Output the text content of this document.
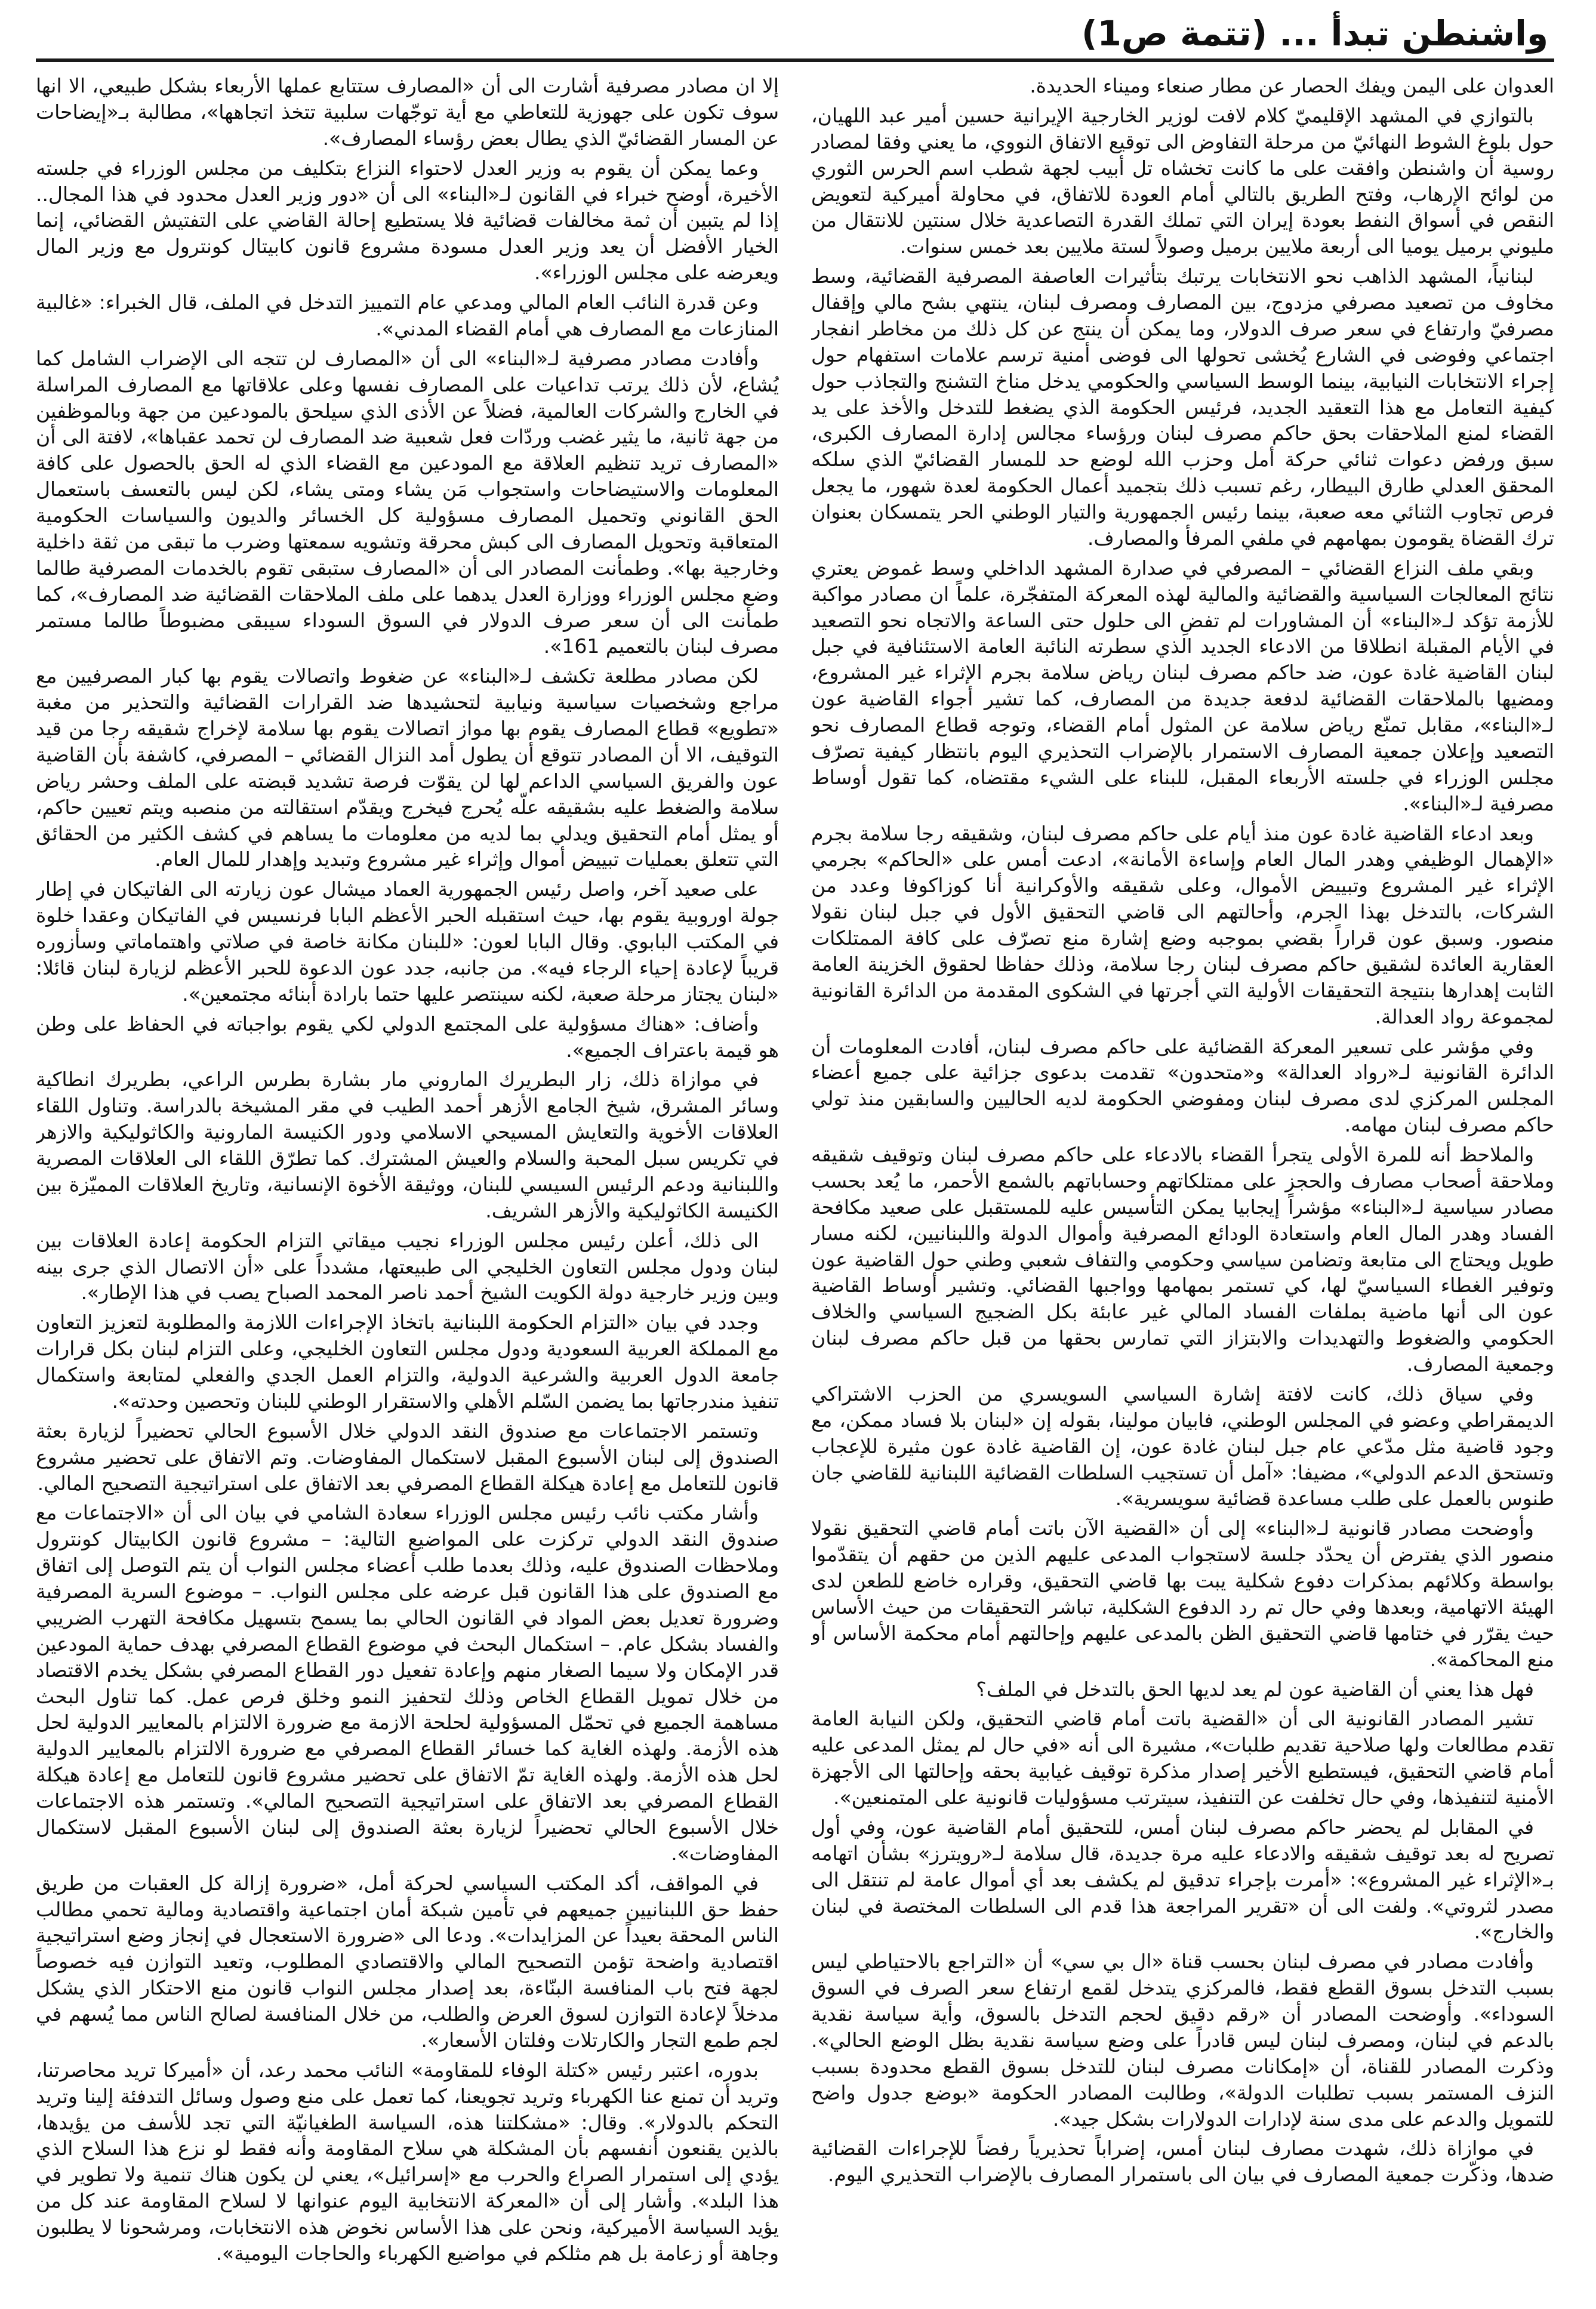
واشنطن تبدأ ... (تتمة ص1)

العدوان على اليمن ويفك الحصار عن مطار صنعاء وميناء الحديدة.

بالتوازي في المشهد الإقليميّ كلام لافت لوزير الخارجية الإيرانية حسين أمير عبد اللهيان، حول بلوغ الشوط النهائيّ من مرحلة التفاوض الى توقيع الاتفاق النووي، ما يعني وفقا لمصادر روسية أن واشنطن وافقت على ما كانت تخشاه تل أبيب لجهة شطب اسم الحرس الثوري من لوائح الإرهاب، وفتح الطريق بالتالي أمام العودة للاتفاق، في محاولة أميركية لتعويض النقص في أسواق النفط بعودة إيران التي تملك القدرة التصاعدية خلال سنتين للانتقال من مليوني برميل يوميا الى أربعة ملايين برميل وصولاً لستة ملايين بعد خمس سنوات.

لبنانياً، المشهد الذاهب نحو الانتخابات يرتبك بتأثيرات العاصفة المصرفية القضائية، وسط مخاوف من تصعيد مصرفي مزدوج، بين المصارف ومصرف لبنان، ينتهي بشح مالي وإقفال مصرفيّ وارتفاع في سعر صرف الدولار، وما يمكن أن ينتج عن كل ذلك من مخاطر انفجار اجتماعي وفوضى في الشارع يُخشى تحولها الى فوضى أمنية ترسم علامات استفهام حول إجراء الانتخابات النيابية، بينما الوسط السياسي والحكومي يدخل مناخ التشنج والتجاذب حول كيفية التعامل مع هذا التعقيد الجديد، فرئيس الحكومة الذي يضغط للتدخل والأخذ على يد القضاء لمنع الملاحقات بحق حاكم مصرف لبنان ورؤساء مجالس إدارة المصارف الكبرى، سبق ورفض دعوات ثنائي حركة أمل وحزب الله لوضع حد للمسار القضائيّ الذي سلكه المحقق العدلي طارق البيطار، رغم تسبب ذلك بتجميد أعمال الحكومة لعدة شهور، ما يجعل فرص تجاوب الثنائي معه صعبة، بينما رئيس الجمهورية والتيار الوطني الحر يتمسكان بعنوان ترك القضاة يقومون بمهامهم في ملفي المرفأ والمصارف.

وبقي ملف النزاع القضائي – المصرفي في صدارة المشهد الداخلي وسط غموض يعتري نتائج المعالجات السياسية والقضائية والمالية لهذه المعركة المتفجّرة، علماً ان مصادر مواكبة للأزمة تؤكد لـ«البناء» أن المشاورات لم تفضِ الى حلول حتى الساعة والاتجاه نحو التصعيد في الأيام المقبلة انطلاقا من الادعاء الجديد الذي سطرته النائبة العامة الاستئنافية في جبل لبنان القاضية غادة عون، ضد حاكم مصرف لبنان رياض سلامة بجرم الإثراء غير المشروع، ومضيها بالملاحقات القضائية لدفعة جديدة من المصارف، كما تشير أجواء القاضية عون لـ«البناء»، مقابل تمنّع رياض سلامة عن المثول أمام القضاء، وتوجه قطاع المصارف نحو التصعيد وإعلان جمعية المصارف الاستمرار بالإضراب التحذيري اليوم بانتظار كيفية تصرّف مجلس الوزراء في جلسته الأربعاء المقبل، للبناء على الشيء مقتضاه، كما تقول أوساط مصرفية لـ«البناء».

وبعد ادعاء القاضية غادة عون منذ أيام على حاكم مصرف لبنان، وشقيقه رجا سلامة بجرم «الإهمال الوظيفي وهدر المال العام وإساءة الأمانة»، ادعت أمس على «الحاكم» بجرمي الإثراء غير المشروع وتبييض الأموال، وعلى شقيقه والأوكرانية أنا كوزاكوفا وعدد من الشركات، بالتدخل بهذا الجرم، وأحالتهم الى قاضي التحقيق الأول في جبل لبنان نقولا منصور. وسبق عون قراراً بقضي بموجبه وضع إشارة منع تصرّف على كافة الممتلكات العقارية العائدة لشقيق حاكم مصرف لبنان رجا سلامة، وذلك حفاظا لحقوق الخزينة العامة الثابت إهدارها بنتيجة التحقيقات الأولية التي أجرتها في الشكوى المقدمة من الدائرة القانونية لمجموعة رواد العدالة.

وفي مؤشر على تسعير المعركة القضائية على حاكم مصرف لبنان، أفادت المعلومات أن الدائرة القانونية لـ«رواد العدالة» و«متحدون» تقدمت بدعوى جزائية على جميع أعضاء المجلس المركزي لدى مصرف لبنان ومفوضي الحكومة لديه الحاليين والسابقين منذ تولي حاكم مصرف لبنان مهامه.

والملاحظ أنه للمرة الأولى يتجرأ القضاء بالادعاء على حاكم مصرف لبنان وتوقيف شقيقه وملاحقة أصحاب مصارف والحجز على ممتلكاتهم وحساباتهم بالشمع الأحمر، ما يُعد بحسب مصادر سياسية لـ«البناء» مؤشراً إيجابيا يمكن التأسيس عليه للمستقبل على صعيد مكافحة الفساد وهدر المال العام واستعادة الودائع المصرفية وأموال الدولة واللبنانيين، لكنه مسار طويل ويحتاج الى متابعة وتضامن سياسي وحكومي والتفاف شعبي وطني حول القاضية عون وتوفير الغطاء السياسيّ لها، كي تستمر بمهامها وواجبها القضائي. وتشير أوساط القاضية عون الى أنها ماضية بملفات الفساد المالي غير عابئة بكل الضجيج السياسي والخلاف الحكومي والضغوط والتهديدات والابتزاز التي تمارس بحقها من قبل حاكم مصرف لبنان وجمعية المصارف.

وفي سياق ذلك، كانت لافتة إشارة السياسي السويسري من الحزب الاشتراكي الديمقراطي وعضو في المجلس الوطني، فابيان مولينا، بقوله إن «لبنان بلا فساد ممكن، مع وجود قاضية مثل مدّعي عام جبل لبنان غادة عون، إن القاضية غادة عون مثيرة للإعجاب وتستحق الدعم الدولي»، مضيفا: «آمل أن تستجيب السلطات القضائية اللبنانية للقاضي جان طنوس بالعمل على طلب مساعدة قضائية سويسرية».

وأوضحت مصادر قانونية لـ«البناء» إلى أن «القضية الآن باتت أمام قاضي التحقيق نقولا منصور الذي يفترض أن يحدّد جلسة لاستجواب المدعى عليهم الذين من حقهم أن يتقدّموا بواسطة وكلائهم بمذكرات دفوع شكلية يبت بها قاضي التحقيق، وقراره خاضع للطعن لدى الهيئة الاتهامية، وبعدها وفي حال تم رد الدفوع الشكلية، تباشر التحقيقات من حيث الأساس حيث يقرّر في ختامها قاضي التحقيق الظن بالمدعى عليهم وإحالتهم أمام محكمة الأساس أو منع المحاكمة».

فهل هذا يعني أن القاضية عون لم يعد لديها الحق بالتدخل في الملف؟

تشير المصادر القانونية الى أن «القضية باتت أمام قاضي التحقيق، ولكن النيابة العامة تقدم مطالعات ولها صلاحية تقديم طلبات»، مشيرة الى أنه «في حال لم يمثل المدعى عليه أمام قاضي التحقيق، فيستطيع الأخير إصدار مذكرة توقيف غيابية بحقه وإحالتها الى الأجهزة الأمنية لتنفيذها، وفي حال تخلفت عن التنفيذ، سيترتب مسؤوليات قانونية على المتمنعين».

في المقابل لم يحضر حاكم مصرف لبنان أمس، للتحقيق أمام القاضية عون، وفي أول تصريح له بعد توقيف شقيقه والادعاء عليه مرة جديدة، قال سلامة لـ«رويترز» بشأن اتهامه بـ«الإثراء غير المشروع»: «أمرت بإجراء تدقيق لم يكشف بعد أي أموال عامة لم تنتقل الى مصدر لثروتي». ولفت الى أن «تقرير المراجعة هذا قدم الى السلطات المختصة في لبنان والخارج».

وأفادت مصادر في مصرف لبنان بحسب قناة «ال بي سي» أن «التراجع بالاحتياطي ليس بسبب التدخل بسوق القطع فقط، فالمركزي يتدخل لقمع ارتفاع سعر الصرف في السوق السوداء». وأوضحت المصادر أن «رقم دقيق لحجم التدخل بالسوق، وأية سياسة نقدية بالدعم في لبنان، ومصرف لبنان ليس قادراً على وضع سياسة نقدية بظل الوضع الحالي». وذكرت المصادر للقناة، أن «إمكانات مصرف لبنان للتدخل بسوق القطع محدودة بسبب النزف المستمر بسبب تطلبات الدولة»، وطالبت المصادر الحكومة «بوضع جدول واضح للتمويل والدعم على مدى سنة لإدارات الدولارات بشكل جيد».

في موازاة ذلك، شهدت مصارف لبنان أمس، إضراباً تحذيرياً رفضاً للإجراءات القضائية ضدها، وذكّرت جمعية المصارف في بيان الى باستمرار المصارف بالإضراب التحذيري اليوم.

إلا ان مصادر مصرفية أشارت الى أن «المصارف ستتابع عملها الأربعاء بشكل طبيعي، الا انها سوف تكون على جهوزية للتعاطي مع أية توجّهات سلبية تتخذ اتجاهها»، مطالبة بـ«إيضاحات عن المسار القضائيّ الذي يطال بعض رؤساء المصارف».

وعما يمكن أن يقوم به وزير العدل لاحتواء النزاع بتكليف من مجلس الوزراء في جلسته الأخيرة، أوضح خبراء في القانون لـ«البناء» الى أن «دور وزير العدل محدود في هذا المجال.. إذا لم يتبين أن ثمة مخالفات قضائية فلا يستطيع إحالة القاضي على التفتيش القضائي، إنما الخيار الأفضل أن يعد وزير العدل مسودة مشروع قانون كابيتال كونترول مع وزير المال ويعرضه على مجلس الوزراء».

وعن قدرة النائب العام المالي ومدعي عام التمييز التدخل في الملف، قال الخبراء: «غالبية المنازعات مع المصارف هي أمام القضاء المدني».

وأفادت مصادر مصرفية لـ«البناء» الى أن «المصارف لن تتجه الى الإضراب الشامل كما يُشاع، لأن ذلك يرتب تداعيات على المصارف نفسها وعلى علاقاتها مع المصارف المراسلة في الخارج والشركات العالمية، فضلاً عن الأذى الذي سيلحق بالمودعين من جهة وبالموظفين من جهة ثانية، ما يثير غضب وردّات فعل شعبية ضد المصارف لن تحمد عقباها»، لافتة الى أن «المصارف تريد تنظيم العلاقة مع المودعين مع القضاء الذي له الحق بالحصول على كافة المعلومات والاستيضاحات واستجواب مَن يشاء ومتى يشاء، لكن ليس بالتعسف باستعمال الحق القانوني وتحميل المصارف مسؤولية كل الخسائر والديون والسياسات الحكومية المتعاقبة وتحويل المصارف الى كبش محرقة وتشويه سمعتها وضرب ما تبقى من ثقة داخلية وخارجية بها». وطمأنت المصادر الى أن «المصارف ستبقى تقوم بالخدمات المصرفية طالما وضع مجلس الوزراء ووزارة العدل يدهما على ملف الملاحقات القضائية ضد المصارف»، كما طمأنت الى أن سعر صرف الدولار في السوق السوداء سيبقى مضبوطاً طالما مستمر مصرف لبنان بالتعميم 161».

لكن مصادر مطلعة تكشف لـ«البناء» عن ضغوط واتصالات يقوم بها كبار المصرفيين مع مراجع وشخصيات سياسية ونيابية لتحشيدها ضد القرارات القضائية والتحذير من مغبة «تطويع» قطاع المصارف يقوم بها مواز اتصالات يقوم بها سلامة لإخراج شقيقه رجا من قيد التوقيف، الا أن المصادر تتوقع أن يطول أمد النزال القضائي – المصرفي، كاشفة بأن القاضية عون والفريق السياسي الداعم لها لن يقوّت فرصة تشديد قبضته على الملف وحشر رياض سلامة والضغط عليه بشقيقه علّه يُحرج فيخرج ويقدّم استقالته من منصبه ويتم تعيين حاكم، أو يمثل أمام التحقيق ويدلي بما لديه من معلومات ما يساهم في كشف الكثير من الحقائق التي تتعلق بعمليات تبييض أموال وإثراء غير مشروع وتبديد وإهدار للمال العام.

على صعيد آخر، واصل رئيس الجمهورية العماد ميشال عون زيارته الى الفاتيكان في إطار جولة اوروبية يقوم بها، حيث استقبله الحبر الأعظم البابا فرنسيس في الفاتيكان وعقدا خلوة في المكتب البابوي. وقال البابا لعون: «للبنان مكانة خاصة في صلاتي واهتماماتي وسأزوره قريباً لإعادة إحياء الرجاء فيه». من جانبه، جدد عون الدعوة للحبر الأعظم لزيارة لبنان قائلا: «لبنان يجتاز مرحلة صعبة، لكنه سينتصر عليها حتما بارادة أبنائه مجتمعين».

وأضاف: «هناك مسؤولية على المجتمع الدولي لكي يقوم بواجباته في الحفاظ على وطن هو قيمة باعتراف الجميع».

في موازاة ذلك، زار البطريرك الماروني مار بشارة بطرس الراعي، بطريرك انطاكية وسائر المشرق، شيخ الجامع الأزهر أحمد الطيب في مقر المشيخة بالدراسة. وتناول اللقاء العلاقات الأخوية والتعايش المسيحي الاسلامي ودور الكنيسة المارونية والكاثوليكية والازهر في تكريس سبل المحبة والسلام والعيش المشترك. كما تطرّق اللقاء الى العلاقات المصرية واللبنانية ودعم الرئيس السيسي للبنان، ووثيقة الأخوة الإنسانية، وتاريخ العلاقات المميّزة بين الكنيسة الكاثوليكية والأزهر الشريف.

الى ذلك، أعلن رئيس مجلس الوزراء نجيب ميقاتي التزام الحكومة إعادة العلاقات بين لبنان ودول مجلس التعاون الخليجي الى طبيعتها، مشدداً على «أن الاتصال الذي جرى بينه وبين وزير خارجية دولة الكويت الشيخ أحمد ناصر المحمد الصباح يصب في هذا الإطار».

وجدد في بيان «التزام الحكومة اللبنانية باتخاذ الإجراءات اللازمة والمطلوبة لتعزيز التعاون مع المملكة العربية السعودية ودول مجلس التعاون الخليجي، وعلى التزام لبنان بكل قرارات جامعة الدول العربية والشرعية الدولية، والتزام العمل الجدي والفعلي لمتابعة واستكمال تنفيذ مندرجاتها بما يضمن السّلم الأهلي والاستقرار الوطني للبنان وتحصين وحدته».

وتستمر الاجتماعات مع صندوق النقد الدولي خلال الأسبوع الحالي تحضيراً لزيارة بعثة الصندوق إلى لبنان الأسبوع المقبل لاستكمال المفاوضات. وتم الاتفاق على تحضير مشروع قانون للتعامل مع إعادة هيكلة القطاع المصرفي بعد الاتفاق على استراتيجية التصحيح المالي.

وأشار مكتب نائب رئيس مجلس الوزراء سعادة الشامي في بيان الى أن «الاجتماعات مع صندوق النقد الدولي تركزت على المواضيع التالية: – مشروع قانون الكابيتال كونترول وملاحظات الصندوق عليه، وذلك بعدما طلب أعضاء مجلس النواب أن يتم التوصل إلى اتفاق مع الصندوق على هذا القانون قبل عرضه على مجلس النواب. – موضوع السرية المصرفية وضرورة تعديل بعض المواد في القانون الحالي بما يسمح بتسهيل مكافحة التهرب الضريبي والفساد بشكل عام. – استكمال البحث في موضوع القطاع المصرفي بهدف حماية المودعين قدر الإمكان ولا سيما الصغار منهم وإعادة تفعيل دور القطاع المصرفي بشكل يخدم الاقتصاد من خلال تمويل القطاع الخاص وذلك لتحفيز النمو وخلق فرص عمل. كما تناول البحث مساهمة الجميع في تحمّل المسؤولية لحلحة الازمة مع ضرورة الالتزام بالمعايير الدولية لحل هذه الأزمة. ولهذه الغاية كما خسائر القطاع المصرفي مع ضرورة الالتزام بالمعايير الدولية لحل هذه الأزمة. ولهذه الغاية تمّ الاتفاق على تحضير مشروع قانون للتعامل مع إعادة هيكلة القطاع المصرفي بعد الاتفاق على استراتيجية التصحيح المالي». وتستمر هذه الاجتماعات خلال الأسبوع الحالي تحضيراً لزيارة بعثة الصندوق إلى لبنان الأسبوع المقبل لاستكمال المفاوضات».

في المواقف، أكد المكتب السياسي لحركة أمل، «ضرورة إزالة كل العقبات من طريق حفظ حق اللبنانيين جميعهم في تأمين شبكة أمان اجتماعية واقتصادية ومالية تحمي مطالب الناس المحقة بعيداً عن المزايدات». ودعا الى «ضرورة الاستعجال في إنجاز وضع استراتيجية اقتصادية واضحة تؤمن التصحيح المالي والاقتصادي المطلوب، وتعيد التوازن فيه خصوصاً لجهة فتح باب المنافسة البنّاءة، بعد إصدار مجلس النواب قانون منع الاحتكار الذي يشكل مدخلاً لإعادة التوازن لسوق العرض والطلب، من خلال المنافسة لصالح الناس مما يُسهم في لجم طمع التجار والكارتلات وفلتان الأسعار».

بدوره، اعتبر رئيس «كتلة الوفاء للمقاومة» النائب محمد رعد، أن «أميركا تريد محاصرتنا، وتريد أن تمنع عنا الكهرباء وتريد تجويعنا، كما تعمل على منع وصول وسائل التدفئة إلينا وتريد التحكم بالدولار». وقال: «مشكلتنا هذه، السياسة الطغيانيّة التي تجد للأسف من يؤيدها، بالذين يقنعون أنفسهم بأن المشكلة هي سلاح المقاومة وأنه فقط لو نزع هذا السلاح الذي يؤدي إلى استمرار الصراع والحرب مع «إسرائيل»، يعني لن يكون هناك تنمية ولا تطوير في هذا البلد». وأشار إلى أن «المعركة الانتخابية اليوم عنوانها لا لسلاح المقاومة عند كل من يؤيد السياسة الأميركية، ونحن على هذا الأساس نخوض هذه الانتخابات، ومرشحونا لا يطلبون وجاهة أو زعامة بل هم مثلكم في مواضيع الكهرباء والحاجات اليومية».
